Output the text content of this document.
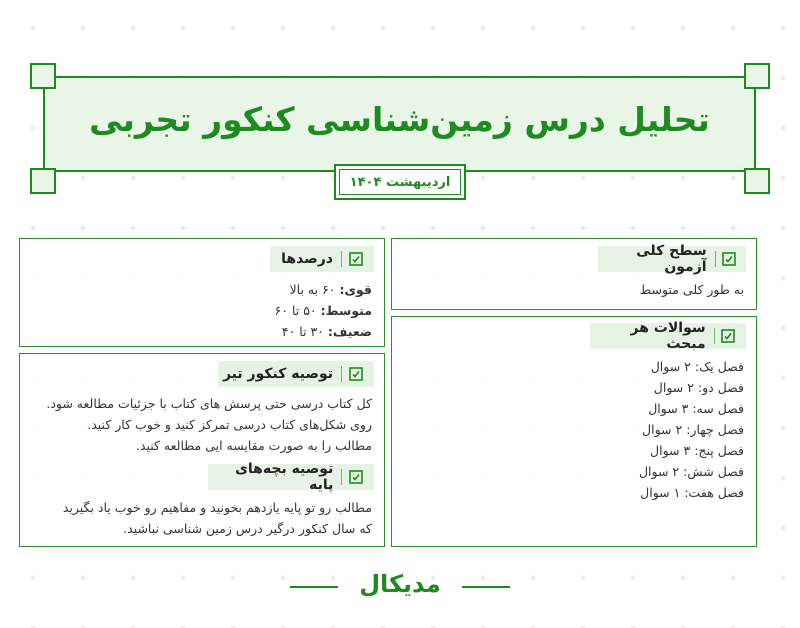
تحلیل درس زمین‌شناسی کنکور تجربی
اردیبهشت ۱۴۰۴
سطح کلی آزمون
به طور کلی متوسط
سوالات هر مبحث
فصل یک: ۲ سوال
فصل دو: ۲ سوال
فصل سه: ۳ سوال
فصل چهار: ۲ سوال
فصل پنج: ۳ سوال
فصل شش: ۲ سوال
فصل هفت: ۱ سوال
درصدها
قوی: ۶۰ به بالا
متوسط: ۵۰ تا ۶۰
ضعیف: ۳۰ تا ۴۰
توصیه کنکور تیر
کل کتاب درسی حتی پرسش های کتاب با جزئیات مطالعه شود.
روی شکل‌های کتاب درسی تمرکز کنید و خوب کار کنید.
مطالب را به صورت مقایسه ایی مطالعه کنید.
توصیه بچه‌های پایه
مطالب رو تو پایه یازدهم بخونید و مفاهیم رو خوب یاد بگیرید
که سال کنکور درگیر درس زمین شناسی نباشید.
مدیکال
